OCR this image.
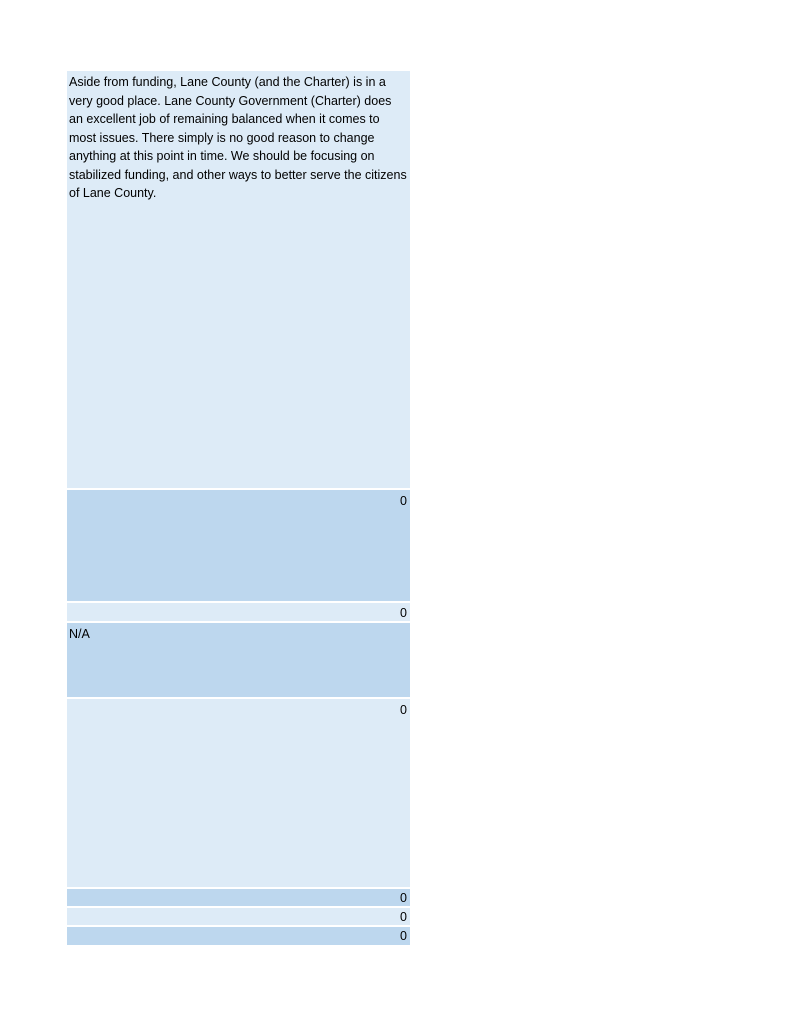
Aside from funding, Lane County (and the Charter) is in a very good place. Lane County Government (Charter) does an excellent job of remaining balanced when it comes to most issues. There simply is no good reason to change anything at this point in time. We should be focusing on stabilized funding, and other ways to better serve the citizens of Lane County.
0
0
N/A
0
0
0
0
